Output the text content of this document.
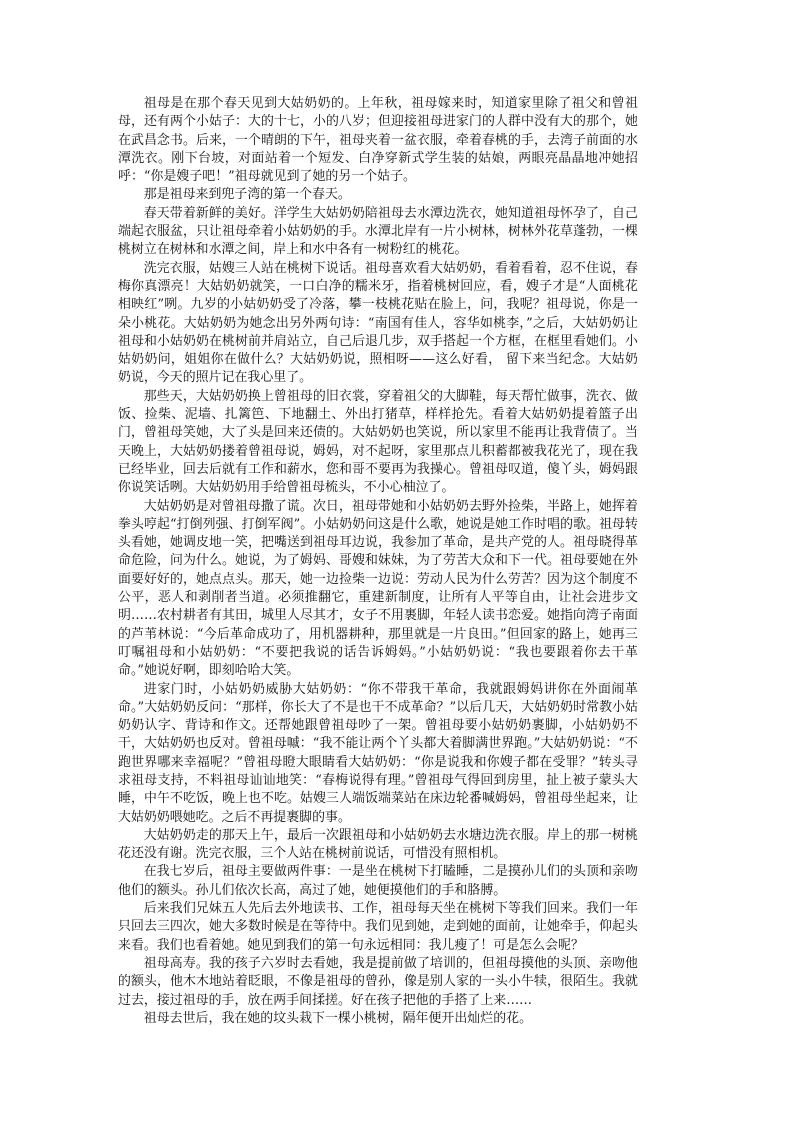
祖母是在那个春天见到大姑奶奶的。上年秋，祖母嫁来时，知道家里除了祖父和曾祖母，还有两个小姑子：大的十七，小的八岁；但迎接祖母进家门的人群中没有大的那个，她在武昌念书。后来，一个晴朗的下午，祖母夹着一盆衣服，牵着春桃的手，去湾子前面的水潭洗衣。刚下台坡，对面站着一个短发、白净穿新式学生装的姑娘，两眼亮晶晶地冲她招呼：“你是嫂子吧！”祖母就见到了她的另一个姑子。

那是祖母来到兜子湾的第一个春天。

春天带着新鲜的美好。洋学生大姑奶奶陪祖母去水潭边洗衣，她知道祖母怀孕了，自己端起衣服盆，只让祖母牵着小姑奶奶的手。水潭北岸有一片小树林，树林外花草蓬勃，一棵桃树立在树林和水潭之间，岸上和水中各有一树粉红的桃花。

洗完衣服，姑嫂三人站在桃树下说话。祖母喜欢看大姑奶奶，看着看着，忍不住说，春梅你真漂亮！大姑奶奶就笑，一口白净的糯米牙，指着桃树回应，看，嫂子才是“人面桃花相映红”咧。九岁的小姑奶奶受了冷落，攀一枝桃花贴在脸上，问，我呢？祖母说，你是一朵小桃花。大姑奶奶为她念出另外两句诗：“南国有佳人，容华如桃李，”之后，大姑奶奶让祖母和小姑奶奶在桃树前并肩站立，自己后退几步，双手搭起一个方框，在框里看她们。小姑奶奶问，姐姐你在做什么？大姑奶奶说，照相呀——这么好看， 留下来当纪念。大姑奶奶说，今天的照片记在我心里了。

那些天，大姑奶奶换上曾祖母的旧衣裳，穿着祖父的大脚鞋，每天帮忙做事，洗衣、做饭、捡柴、泥墙、扎篱笆、下地翻土、外出打猪草，样样抢先。看着大姑奶奶提着篮子出门，曾祖母笑她，大了头是回来还债的。大姑奶奶也笑说，所以家里不能再让我背债了。当天晚上，大姑奶奶搂着曾祖母说，姆妈，对不起呀，家里那点儿积蓄都被我花光了，现在我已经毕业，回去后就有工作和薪水，您和哥不要再为我操心。曾祖母叹道，傻丫头，姆妈跟你说笑话咧。大姑奶奶用手给曾祖母梳头，不小心柚泣了。

大姑奶奶是对曾祖母撒了谎。次日，祖母带她和小姑奶奶去野外捡柴，半路上，她挥着拳头哼起“打倒列强、打倒军阀”。小姑奶奶问这是什么歌，她说是她工作时唱的歌。祖母转头看她，她调皮地一笑，把嘴送到祖母耳边说，我参加了革命，是共产党的人。祖母晓得革命危险，问为什么。她说，为了姆妈、哥嫂和妹妹，为了劳苦大众和下一代。祖母要她在外面要好好的，她点点头。那天，她一边捡柴一边说：劳动人民为什么劳苦？因为这个制度不公平，恶人和剥削者当道。必须推翻它，重建新制度，让所有人平等自由，让社会进步文明……农村耕者有其田，城里人尽其才，女子不用裹脚，年轻人读书恋爱。她指向湾子南面的芦苇林说：“今后革命成功了，用机器耕种，那里就是一片良田。”但回家的路上，她再三叮嘱祖母和小姑奶奶：“不要把我说的话告诉姆妈。”小姑奶奶说：“我也要跟着你去干革命。”她说好啊，即刻哈哈大笑。

进家门时，小姑奶奶威胁大姑奶奶：“你不带我干革命，我就跟姆妈讲你在外面闹革命。”大姑奶奶反问：“那样，你长大了不是也干不成革命？”以后几天，大姑奶奶时常教小姑奶奶认字、背诗和作文。还帮她跟曾祖母吵了一架。曾祖母要小姑奶奶裹脚，小姑奶奶不干，大姑奶奶也反对。曾祖母嘁：“我不能让两个丫头都大着脚满世界跑。”大姑奶奶说：“不跑世界哪来幸福呢？”曾祖母瞪大眼睛看大姑奶奶：“你是说我和你嫂子都在受罪？”转头寻求祖母支持，不料祖母讪讪地笑：“春梅说得有理。”曾祖母气得回到房里，扯上被子蒙头大睡，中午不吃饭，晚上也不吃。姑嫂三人端饭端菜站在床边轮番喊姆妈，曾祖母坐起来，让大姑奶奶喂她吃。之后不再提裹脚的事。

大姑奶奶走的那天上午，最后一次跟祖母和小姑奶奶去水塘边洗衣服。岸上的那一树桃花还没有谢。洗完衣服，三个人站在桃树前说话，可惜没有照相机。

在我七岁后，祖母主要做两件事：一是坐在桃树下打瞌睡，二是摸孙儿们的头顶和亲吻他们的额头。孙儿们依次长高，高过了她，她便摸他们的手和胳膊。

后来我们兄妹五人先后去外地读书、工作，祖母每天坐在桃树下等我们回来。我们一年只回去三四次，她大多数时候是在等待中。我们见到她，走到她的面前，让她牵手，仰起头来看。我们也看着她。她见到我们的第一句永远相同：我儿瘦了！可是怎么会呢？

祖母高寿。我的孩子六岁时去看她，我是提前做了培训的，但祖母摸他的头顶、亲吻他的额头，他木木地站着眨眼，不像是祖母的曾孙，像是别人家的一头小牛犊，很陌生。我就过去，接过祖母的手，放在两手间揉搓。好在孩子把他的手搭了上来……

祖母去世后，我在她的坟头栽下一棵小桃树，隔年便开出灿烂的花。
